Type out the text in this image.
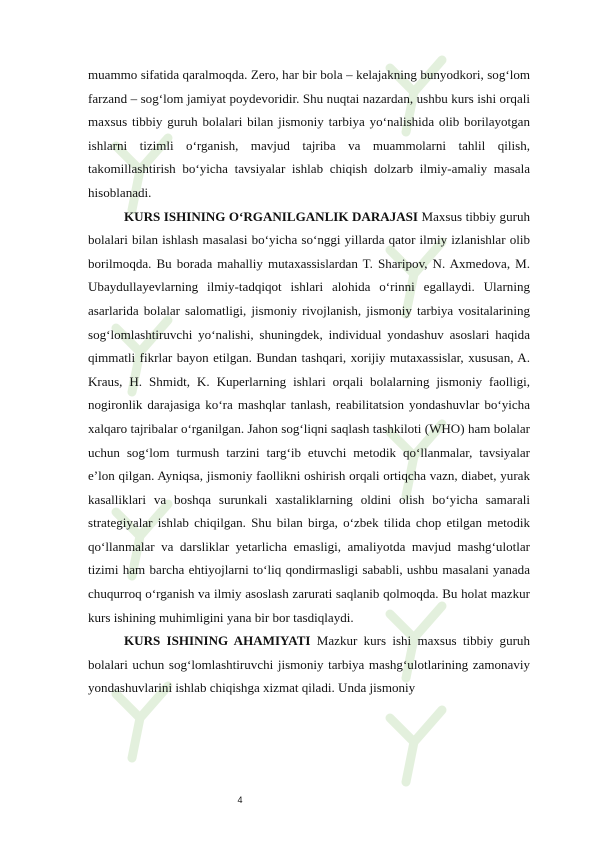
muammo sifatida qaralmoqda. Zero, har bir bola – kelajakning bunyodkori, sog‘lom farzand – sog‘lom jamiyat poydevoridir. Shu nuqtai nazardan, ushbu kurs ishi orqali maxsus tibbiy guruh bolalari bilan jismoniy tarbiya yo‘nalishida olib borilayotgan ishlarni tizimli o‘rganish, mavjud tajriba va muammolarni tahlil qilish, takomillashtirish bo‘yicha tavsiyalar ishlab chiqish dolzarb ilmiy-amaliy masala hisoblanadi.

KURS ISHINING O‘RGANILGANLIK DARAJASI Maxsus tibbiy guruh bolalari bilan ishlash masalasi bo‘yicha so‘nggi yillarda qator ilmiy izlanishlar olib borilmoqda. Bu borada mahalliy mutaxassislardan T. Sharipov, N. Axmedova, M. Ubaydullayevlarning ilmiy-tadqiqot ishlari alohida o‘rinni egallaydi. Ularning asarlarida bolalar salomatligi, jismoniy rivojlanish, jismoniy tarbiya vositalarining sog‘lomlashtiruvchi yo‘nalishi, shuningdek, individual yondashuv asoslari haqida qimmatli fikrlar bayon etilgan. Bundan tashqari, xorijiy mutaxassislar, xususan, A. Kraus, H. Shmidt, K. Kuperlarning ishlari orqali bolalarning jismoniy faolligi, nogironlik darajasiga ko‘ra mashqlar tanlash, reabilitatsion yondashuvlar bo‘yicha xalqaro tajribalar o‘rganilgan. Jahon sog‘liqni saqlash tashkiloti (WHO) ham bolalar uchun sog‘lom turmush tarzini targ‘ib etuvchi metodik qo‘llanmalar, tavsiyalar e’lon qilgan. Ayniqsa, jismoniy faollikni oshirish orqali ortiqcha vazn, diabet, yurak kasalliklari va boshqa surunkali xastaliklarning oldini olish bo‘yicha samarali strategiyalar ishlab chiqilgan. Shu bilan birga, o‘zbek tilida chop etilgan metodik qo‘llanmalar va darsliklar yetarlicha emasligi, amaliyotda mavjud mashg‘ulotlar tizimi ham barcha ehtiyojlarni to‘liq qondirmasligi sababli, ushbu masalani yanada chuqurroq o‘rganish va ilmiy asoslash zarurati saqlanib qolmoqda. Bu holat mazkur kurs ishining muhimligini yana bir bor tasdiqlaydi.

KURS ISHINING AHAMIYATI Mazkur kurs ishi maxsus tibbiy guruh bolalari uchun sog‘lomlashtiruvchi jismoniy tarbiya mashg‘ulotlarining zamonaviy yondashuvlarini ishlab chiqishga xizmat qiladi. Unda jismoniy

4
